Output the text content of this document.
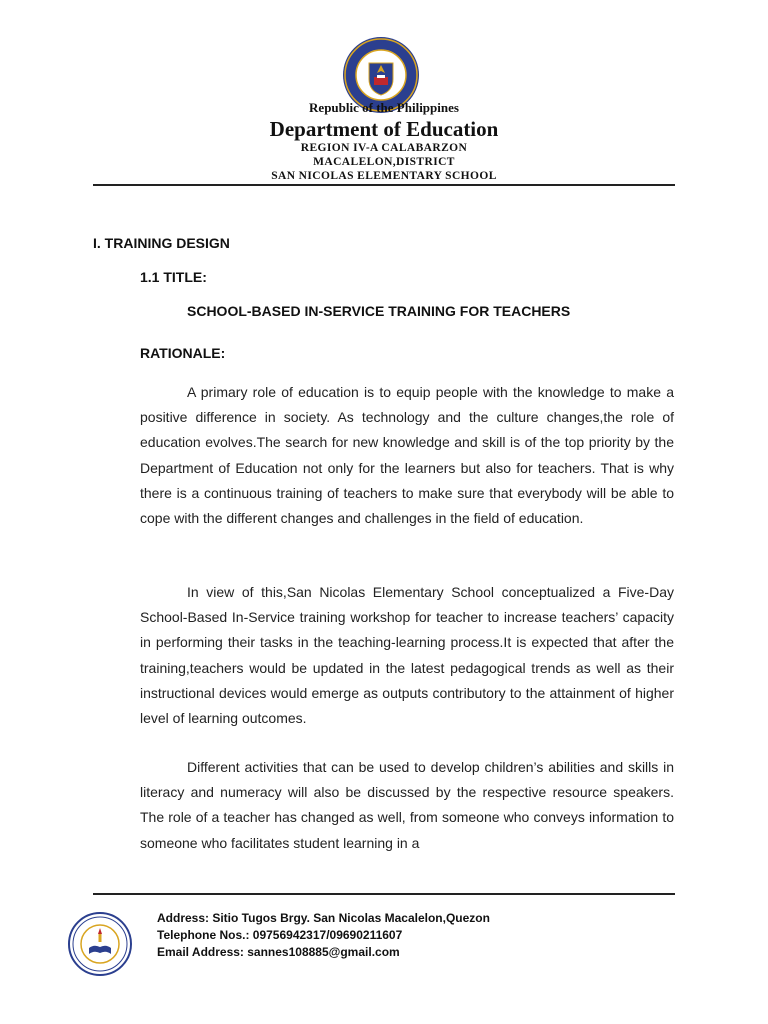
Republic of the Philippines
Department of Education
REGION IV-A CALABARZON
MACALELON,DISTRICT
SAN NICOLAS ELEMENTARY SCHOOL
I. TRAINING DESIGN
1.1 TITLE:
SCHOOL-BASED IN-SERVICE TRAINING FOR TEACHERS
RATIONALE:

A primary role of education is to equip people with the knowledge to make a positive difference in society. As technology and the culture changes,the role of education evolves.The search for new knowledge and skill is of the top priority by the Department of Education not only for the learners but also for teachers. That is why there is a continuous training of teachers to make sure that everybody will be able to cope with the different changes and challenges in the field of education.

In view of this,San Nicolas Elementary School conceptualized a Five-Day School-Based In-Service training workshop for teacher to increase teachers’ capacity in performing their tasks in the teaching-learning process.It is expected that after the training,teachers would be updated in the latest pedagogical trends as well as their instructional devices would emerge as outputs contributory to the attainment of higher level of learning outcomes.

Different activities that can be used to develop children’s abilities and skills in literacy and numeracy will also be discussed by the respective resource speakers. The role of a teacher has changed as well, from someone who conveys information to someone who facilitates student learning in a

Address: Sitio Tugos Brgy. San Nicolas Macalelon,Quezon
Telephone Nos.: 09756942317/09690211607
Email Address: sannes108885@gmail.com
